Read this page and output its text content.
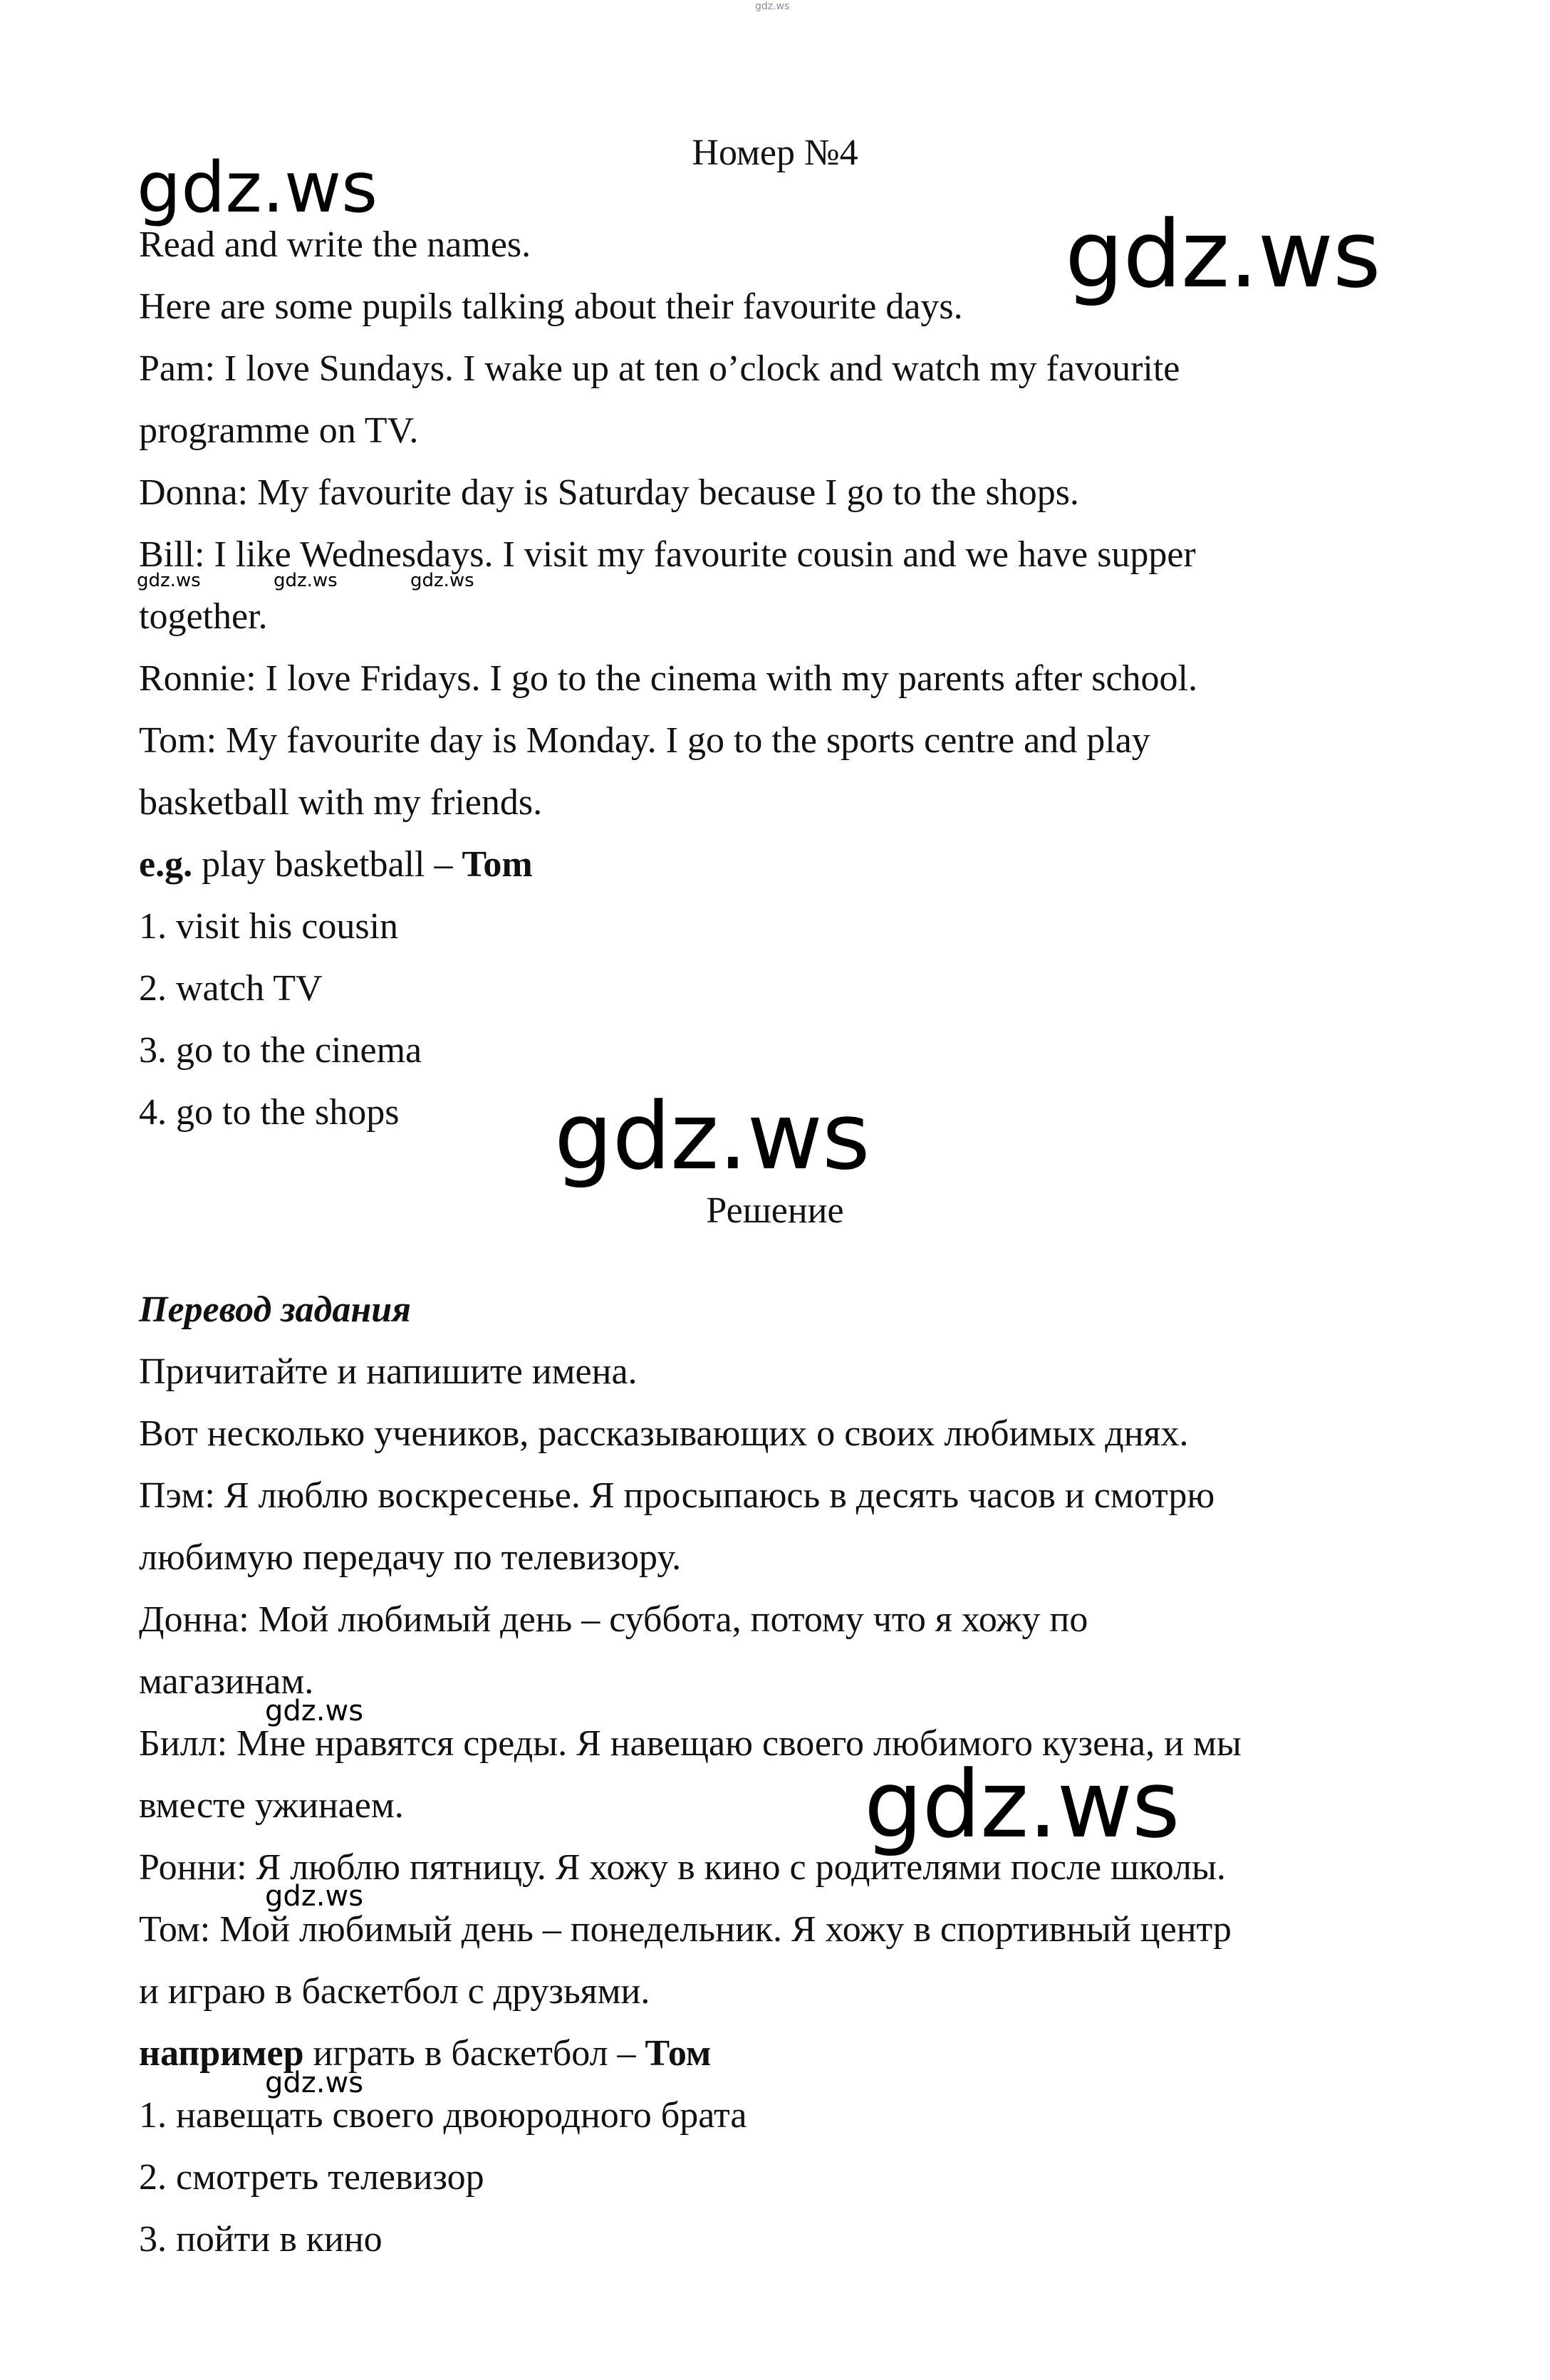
gdz.ws
gdz.ws
gdz.ws
gdz.ws	gdz.ws	gdz.ws
gdz.ws
gdz.ws
gdz.ws
gdz.ws
gdz.ws
Номер №4
Read and write the names.
Here are some pupils talking about their favourite days.
Pam: I love Sundays. I wake up at ten o’clock and watch my favourite
programme on TV.
Donna: My favourite day is Saturday because I go to the shops.
Bill: I like Wednesdays. I visit my favourite cousin and we have supper
together.
Ronnie: I love Fridays. I go to the cinema with my parents after school.
Tom: My favourite day is Monday. I go to the sports centre and play
basketball with my friends.
e.g. play basketball – Tom
1. visit his cousin
2. watch TV
3. go to the cinema
4. go to the shops
Решение
Перевод задания
Причитайте и напишите имена.
Вот несколько учеников, рассказывающих о своих любимых днях.
Пэм: Я люблю воскресенье. Я просыпаюсь в десять часов и смотрю
любимую передачу по телевизору.
Донна: Мой любимый день – суббота, потому что я хожу по
магазинам.
Билл: Мне нравятся среды. Я навещаю своего любимого кузена, и мы
вместе ужинаем.
Ронни: Я люблю пятницу. Я хожу в кино с родителями после школы.
Том: Мой любимый день – понедельник. Я хожу в спортивный центр
и играю в баскетбол с друзьями.
например играть в баскетбол – Том
1. навещать своего двоюродного брата
2. смотреть телевизор
3. пойти в кино
